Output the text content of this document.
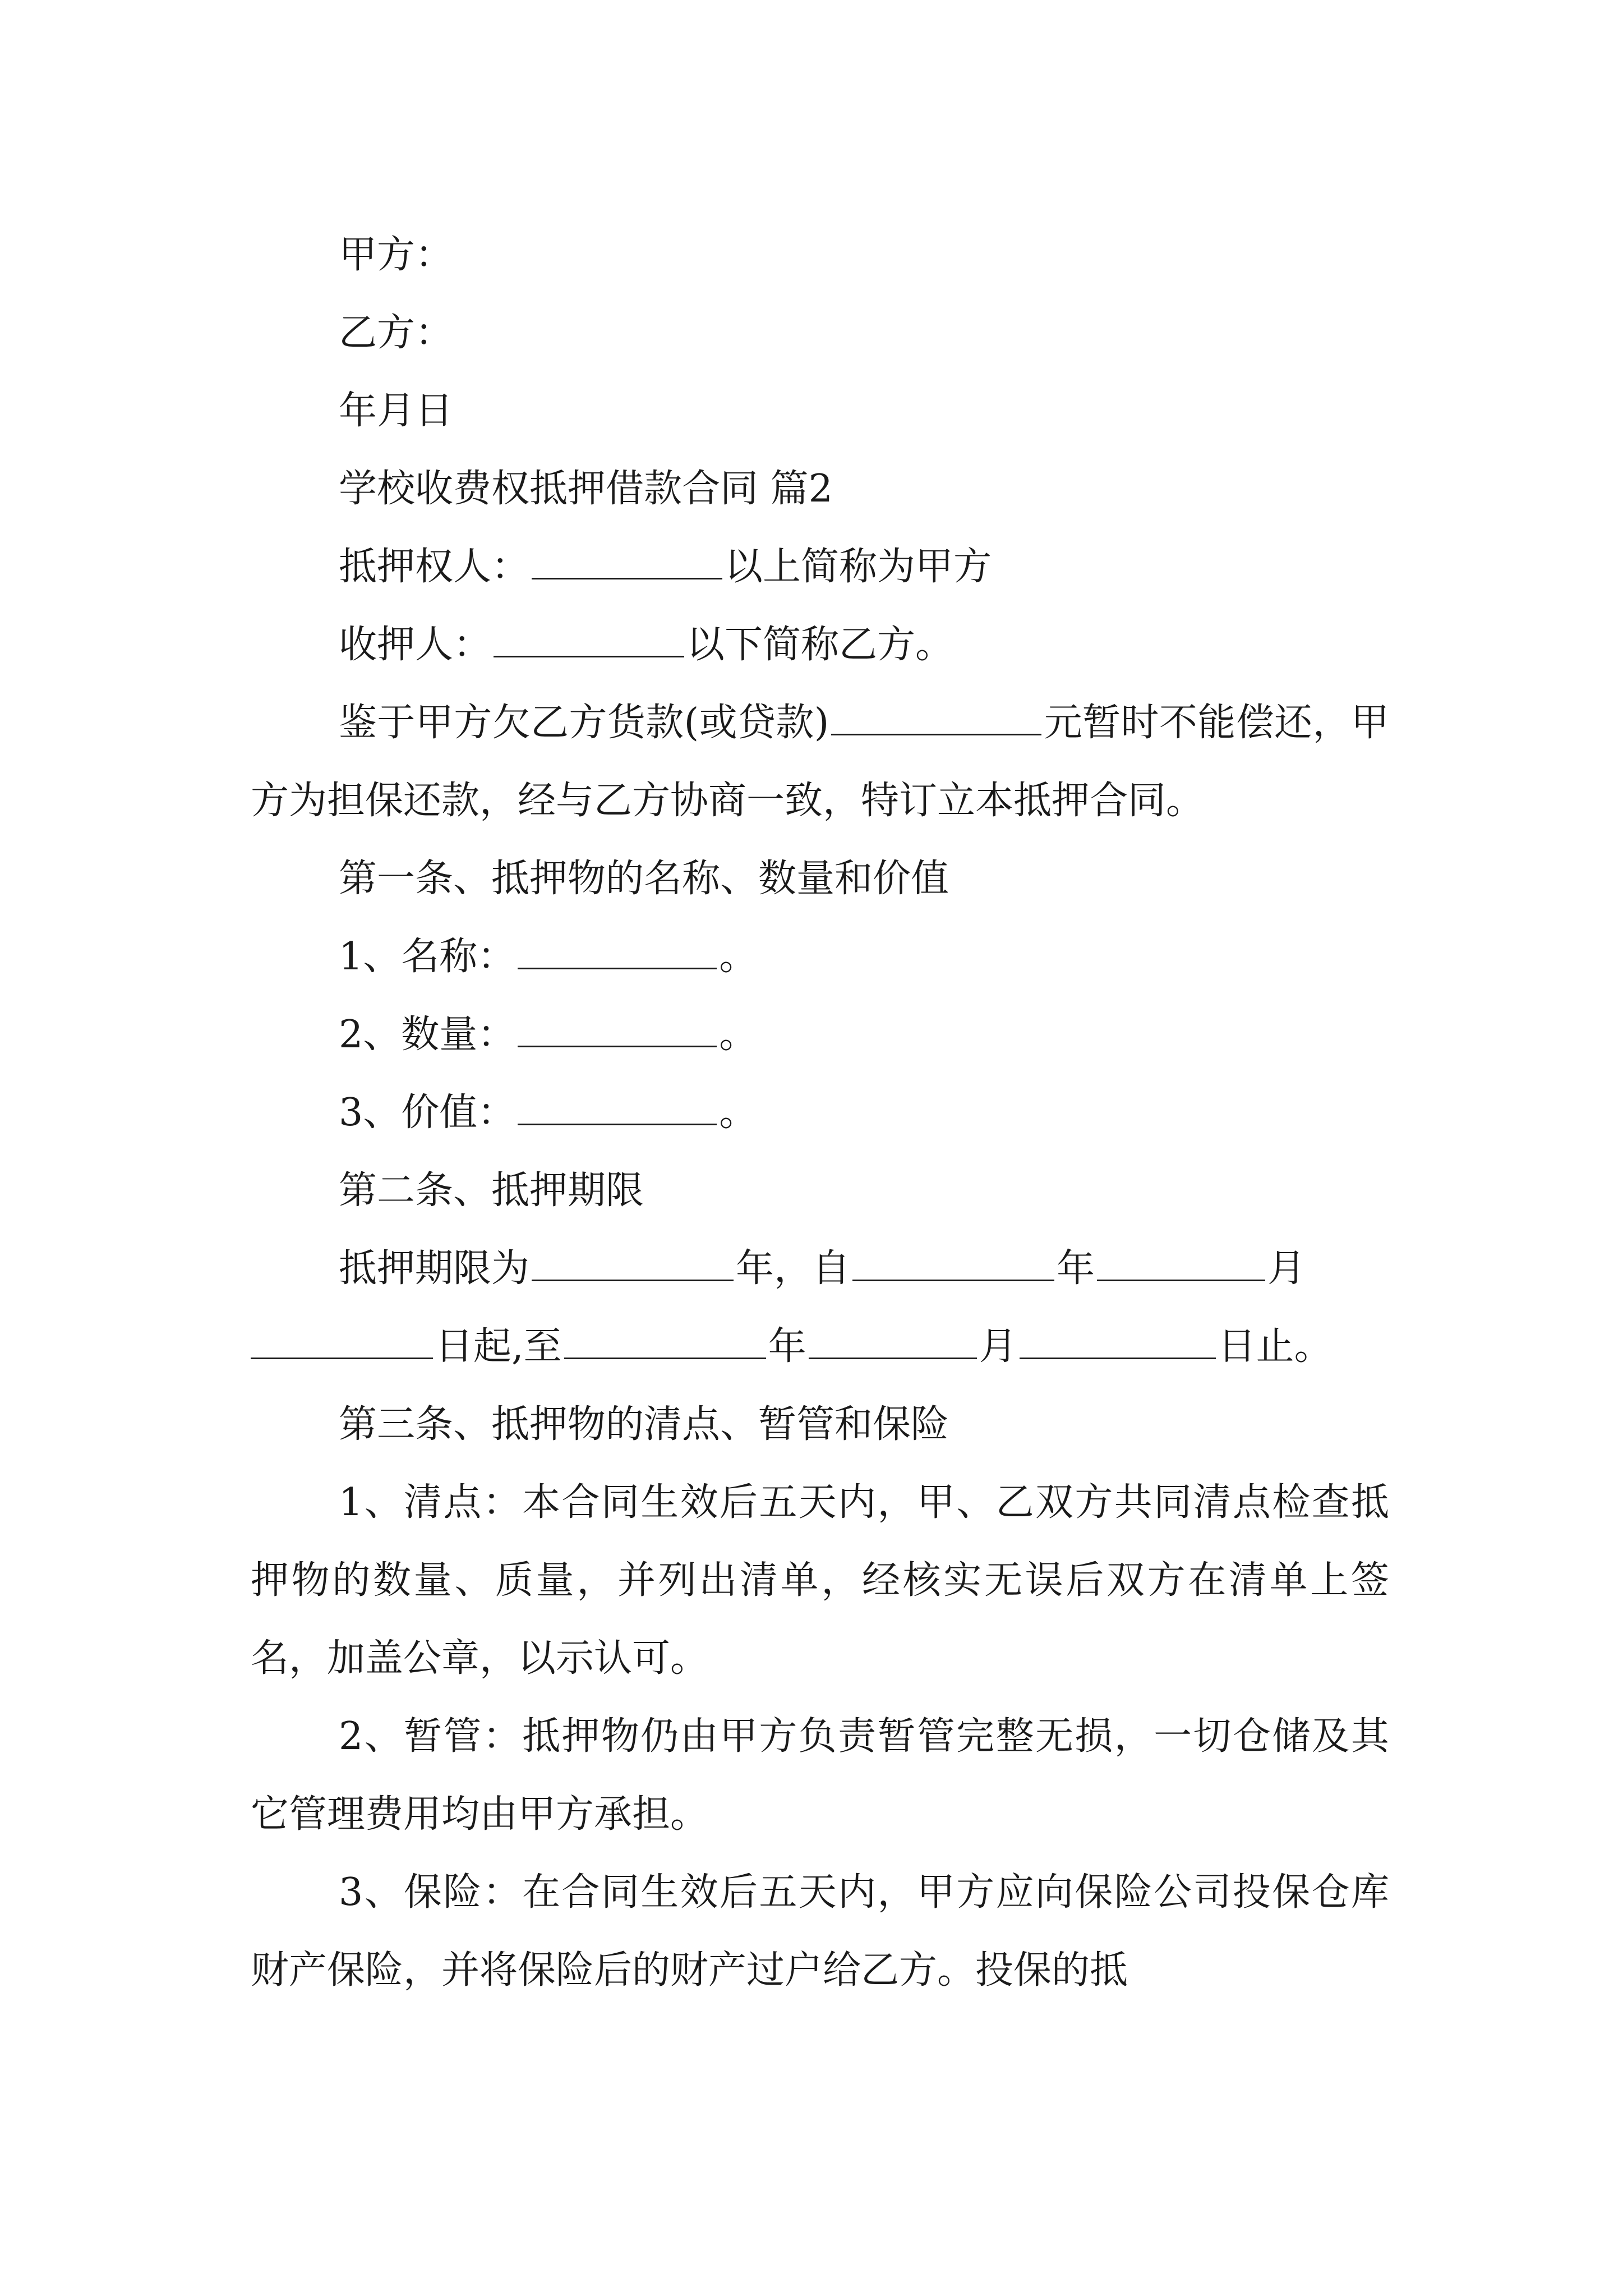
甲方：

乙方：

年月日

学校收费权抵押借款合同 篇2

抵押权人：	以上简称为甲方

收押人：	以下简称乙方。

鉴于甲方欠乙方货款(或贷款)	元暂时不能偿还，甲方为担保还款，经与乙方协商一致，特订立本抵押合同。

第一条、抵押物的名称、数量和价值

1、名称：	。

2、数量：	。

3、价值：	。

第二条、抵押期限

抵押期限为	年，自	年	月

日起,至	年	月	日止。

第三条、抵押物的清点、暂管和保险

1、清点：本合同生效后五天内，甲、乙双方共同清点检查抵押物的数量、质量，并列出清单，经核实无误后双方在清单上签名，加盖公章，以示认可。

2、暂管：抵押物仍由甲方负责暂管完整无损，一切仓储及其它管理费用均由甲方承担。

3、保险：在合同生效后五天内，甲方应向保险公司投保仓库财产保险，并将保险后的财产过户给乙方。投保的抵
